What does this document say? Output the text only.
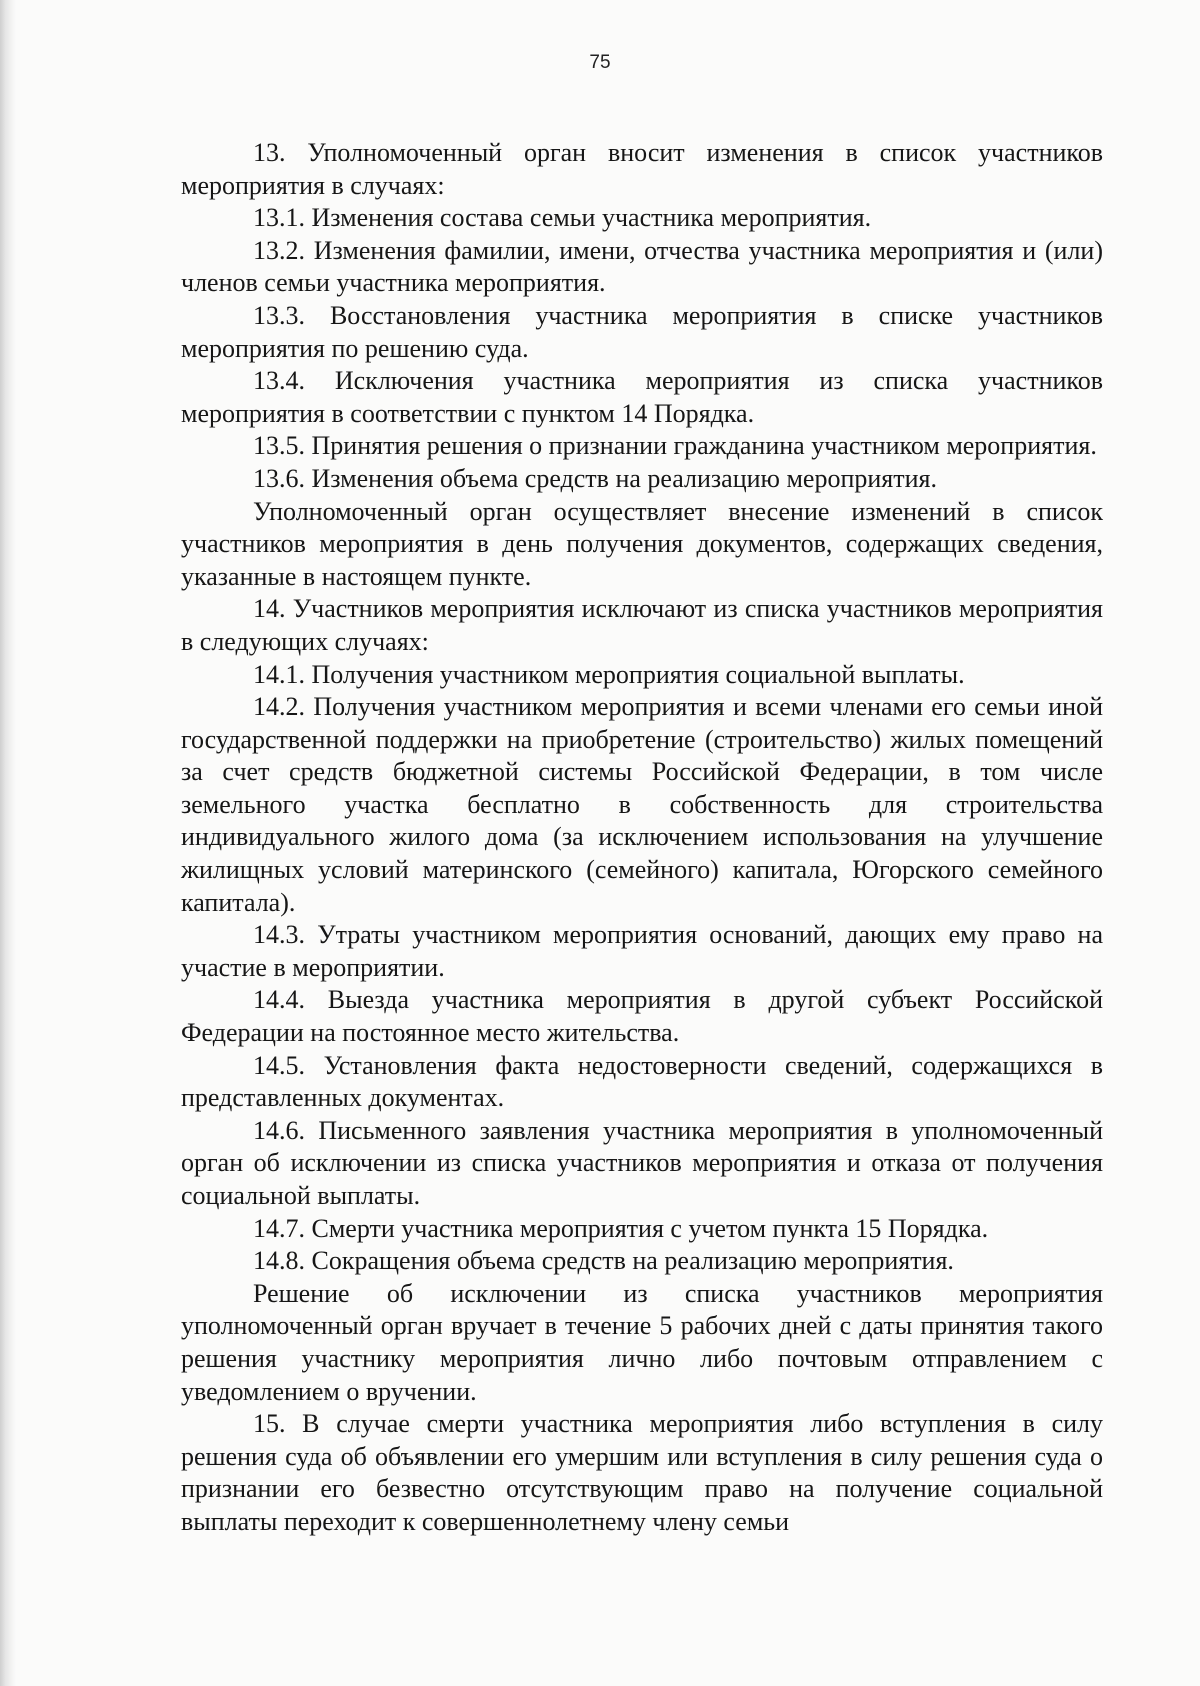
75

13. Уполномоченный орган вносит изменения в список участников мероприятия в случаях:

13.1. Изменения состава семьи участника мероприятия.

13.2. Изменения фамилии, имени, отчества участника мероприятия и (или) членов семьи участника мероприятия.

13.3. Восстановления участника мероприятия в списке участников мероприятия по решению суда.

13.4. Исключения участника мероприятия из списка участников мероприятия в соответствии с пунктом 14 Порядка.

13.5. Принятия решения о признании гражданина участником мероприятия.

13.6. Изменения объема средств на реализацию мероприятия.

Уполномоченный орган осуществляет внесение изменений в список участников мероприятия в день получения документов, содержащих сведения, указанные в настоящем пункте.

14. Участников мероприятия исключают из списка участников мероприятия в следующих случаях:

14.1. Получения участником мероприятия социальной выплаты.

14.2. Получения участником мероприятия и всеми членами его семьи иной государственной поддержки на приобретение (строительство) жилых помещений за счет средств бюджетной системы Российской Федерации, в том числе земельного участка бесплатно в собственность для строительства индивидуального жилого дома (за исключением использования на улучшение жилищных условий материнского (семейного) капитала, Югорского семейного капитала).

14.3. Утраты участником мероприятия оснований, дающих ему право на участие в мероприятии.

14.4. Выезда участника мероприятия в другой субъект Российской Федерации на постоянное место жительства.

14.5. Установления факта недостоверности сведений, содержащихся в представленных документах.

14.6. Письменного заявления участника мероприятия в уполномоченный орган об исключении из списка участников мероприятия и отказа от получения социальной выплаты.

14.7. Смерти участника мероприятия с учетом пункта 15 Порядка.

14.8. Сокращения объема средств на реализацию мероприятия.

Решение об исключении из списка участников мероприятия уполномоченный орган вручает в течение 5 рабочих дней с даты принятия такого решения участнику мероприятия лично либо почтовым отправлением с уведомлением о вручении.

15. В случае смерти участника мероприятия либо вступления в силу решения суда об объявлении его умершим или вступления в силу решения суда о признании его безвестно отсутствующим право на получение социальной выплаты переходит к совершеннолетнему члену семьи
